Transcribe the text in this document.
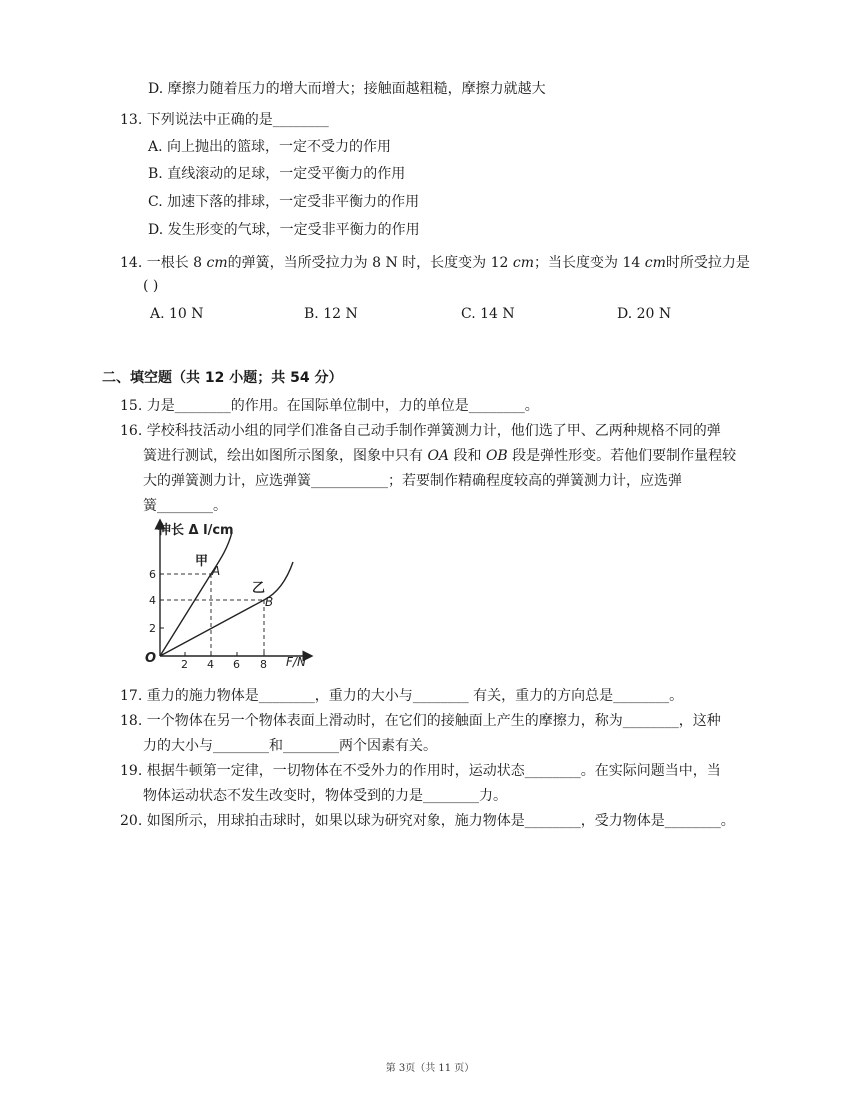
D. 摩擦力随着压力的增大而增大；接触面越粗糙，摩擦力就越大
13. 下列说法中正确的是________
A. 向上抛出的篮球，一定不受力的作用
B. 直线滚动的足球，一定受平衡力的作用
C. 加速下落的排球，一定受非平衡力的作用
D. 发生形变的气球，一定受非平衡力的作用
14. 一根长 8 cm的弹簧，当所受拉力为 8 N 时，长度变为 12 cm；当长度变为 14 cm时所受拉力是
( )
A. 10 N	B. 12 N	C. 14 N	D. 20 N
二、填空题（共 12 小题；共 54 分）
15. 力是________的作用。在国际单位制中，力的单位是________。
16. 学校科技活动小组的同学们准备自己动手制作弹簧测力计，他们选了甲、乙两种规格不同的弹
簧进行测试，绘出如图所示图象，图象中只有 OA 段和 OB 段是弹性形变。若他们要制作量程较
大的弹簧测力计，应选弹簧___________；若要制作精确程度较高的弹簧测力计，应选弹
簧________。
伸长 Δ l/cm
F/N
O 2 4 6 8
2
4
6
甲
乙
A
B
17. 重力的施力物体是________，重力的大小与________ 有关，重力的方向总是________。
18. 一个物体在另一个物体表面上滑动时，在它们的接触面上产生的摩擦力，称为________，这种
力的大小与________和________两个因素有关。
19. 根据牛顿第一定律，一切物体在不受外力的作用时，运动状态________。在实际问题当中，当
物体运动状态不发生改变时，物体受到的力是________力。
20. 如图所示，用球拍击球时，如果以球为研究对象，施力物体是________，受力物体是________。
第 3页（共 11 页）
